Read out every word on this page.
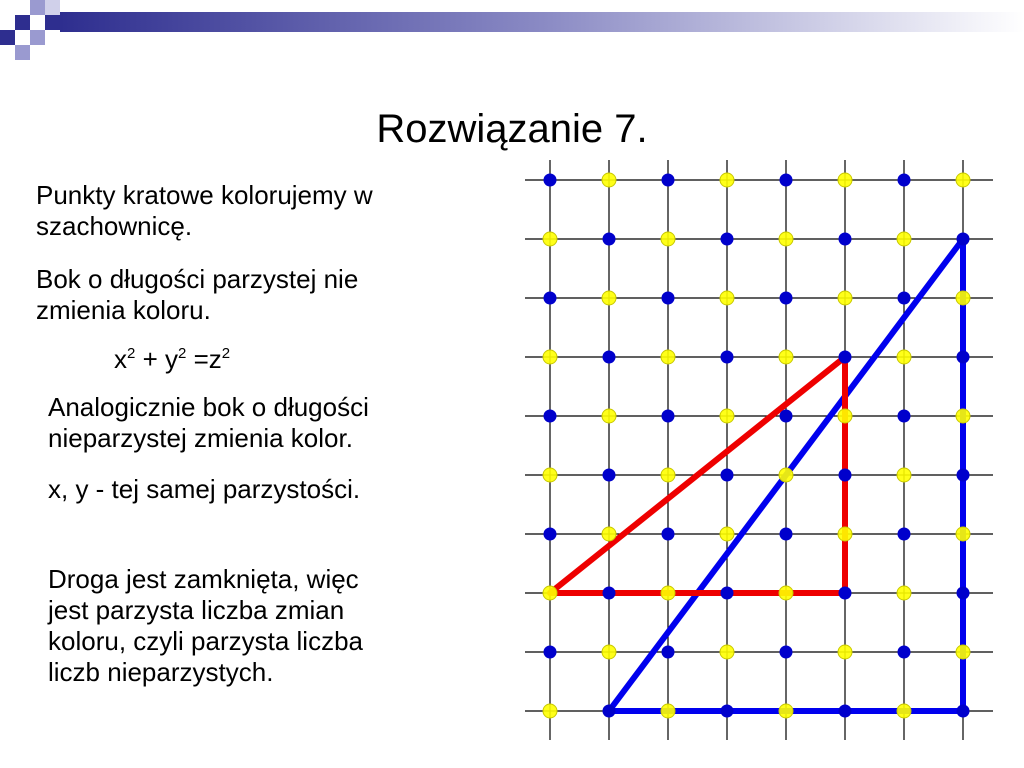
Rozwiązanie 7.
Punkty kratowe kolorujemy w
szachownicę.
Bok o długości parzystej nie
zmienia koloru.
$x^2 + y^2 =z^2$
Analogicznie bok o długości
nieparzystej zmienia kolor.
x, y - tej samej parzystości.
Droga jest zamknięta, więc
jest parzysta liczba zmian
koloru, czyli parzysta liczba
liczb nieparzystych.
